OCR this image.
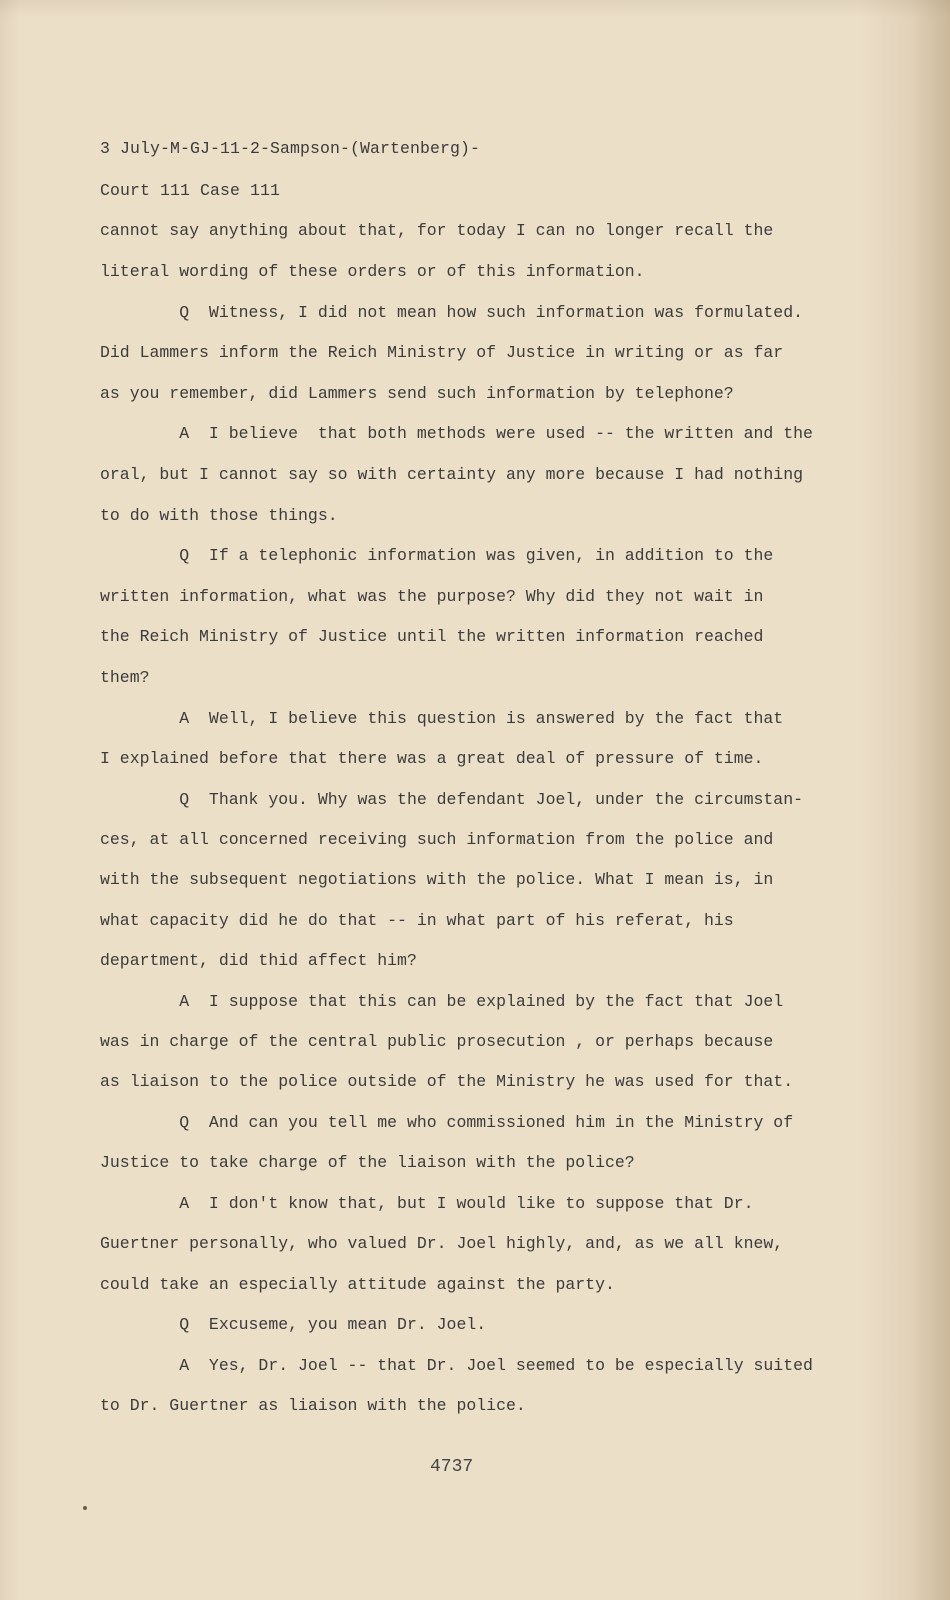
3 July-M-GJ-11-2-Sampson-(Wartenberg)-
Court 111 Case 111
cannot say anything about that, for today I can no longer recall the
literal wording of these orders or of this information.
Q  Witness, I did not mean how such information was formulated.
Did Lammers inform the Reich Ministry of Justice in writing or as far
as you remember, did Lammers send such information by telephone?
A  I believe  that both methods were used -- the written and the
oral, but I cannot say so with certainty any more because I had nothing
to do with those things.
Q  If a telephonic information was given, in addition to the
written information, what was the purpose? Why did they not wait in
the Reich Ministry of Justice until the written information reached
them?
A  Well, I believe this question is answered by the fact that
I explained before that there was a great deal of pressure of time.
Q  Thank you. Why was the defendant Joel, under the circumstan-
ces, at all concerned receiving such information from the police and
with the subsequent negotiations with the police. What I mean is, in
what capacity did he do that -- in what part of his referat, his
department, did thid affect him?
A  I suppose that this can be explained by the fact that Joel
was in charge of the central public prosecution , or perhaps because
as liaison to the police outside of the Ministry he was used for that.
Q  And can you tell me who commissioned him in the Ministry of
Justice to take charge of the liaison with the police?
A  I don't know that, but I would like to suppose that Dr.
Guertner personally, who valued Dr. Joel highly, and, as we all knew,
could take an especially attitude against the party.
Q  Excuseme, you mean Dr. Joel.
A  Yes, Dr. Joel -- that Dr. Joel seemed to be especially suited
to Dr. Guertner as liaison with the police.
4737
